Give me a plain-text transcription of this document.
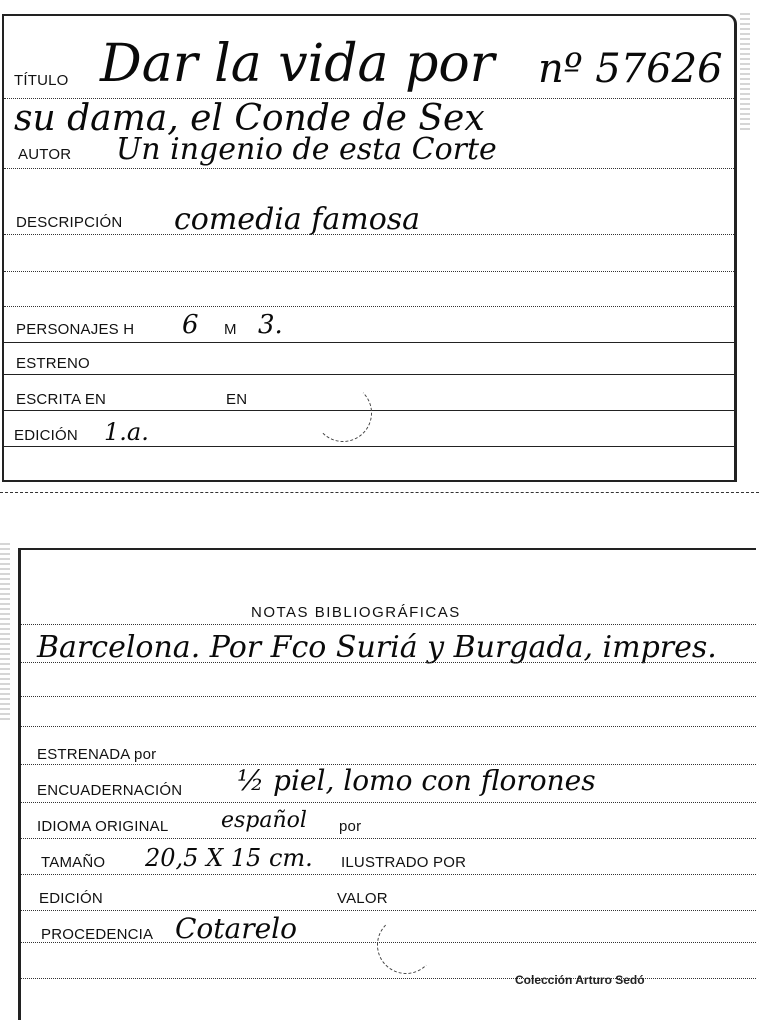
TÍTULO Dar la vida por nº 57626
su dama, el Conde de Sex
AUTOR Un ingenio de esta Corte
DESCRIPCIÓN comedia famosa
PERSONAJES H 6 M 3.
ESTRENO
ESCRITA EN	EN
EDICIÓN 1.a.
NOTAS BIBLIOGRÁFICAS
Barcelona. Por Fco Suriá y Burgada, impres.
ESTRENADA por
ENCUADERNACIÓN ½ piel, lomo con florones
IDIOMA ORIGINAL español por
TAMAÑO 20,5 X 15 cm. ILUSTRADO POR
EDICIÓN	VALOR
PROCEDENCIA Cotarelo
Colección Arturo Sedó
